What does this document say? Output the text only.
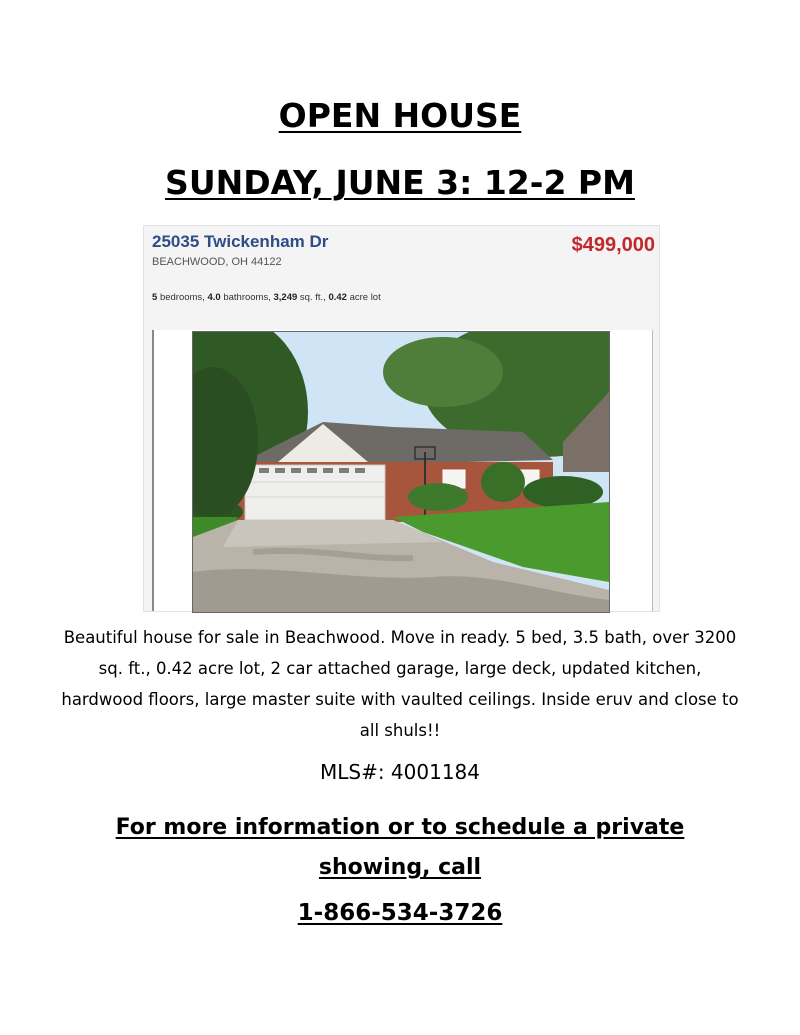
OPEN HOUSE
SUNDAY, JUNE 3: 12-2 PM
25035 Twickenham Dr
BEACHWOOD, OH 44122
$499,000
5 bedrooms, 4.0 bathrooms, 3,249 sq. ft., 0.42 acre lot
Beautiful house for sale in Beachwood. Move in ready. 5 bed, 3.5 bath, over 3200 sq. ft., 0.42 acre lot, 2 car attached garage, large deck, updated kitchen, hardwood floors, large master suite with vaulted ceilings. Inside eruv and close to all shuls!!
MLS#: 4001184
For more information or to schedule a private showing, call
1-866-534-3726
